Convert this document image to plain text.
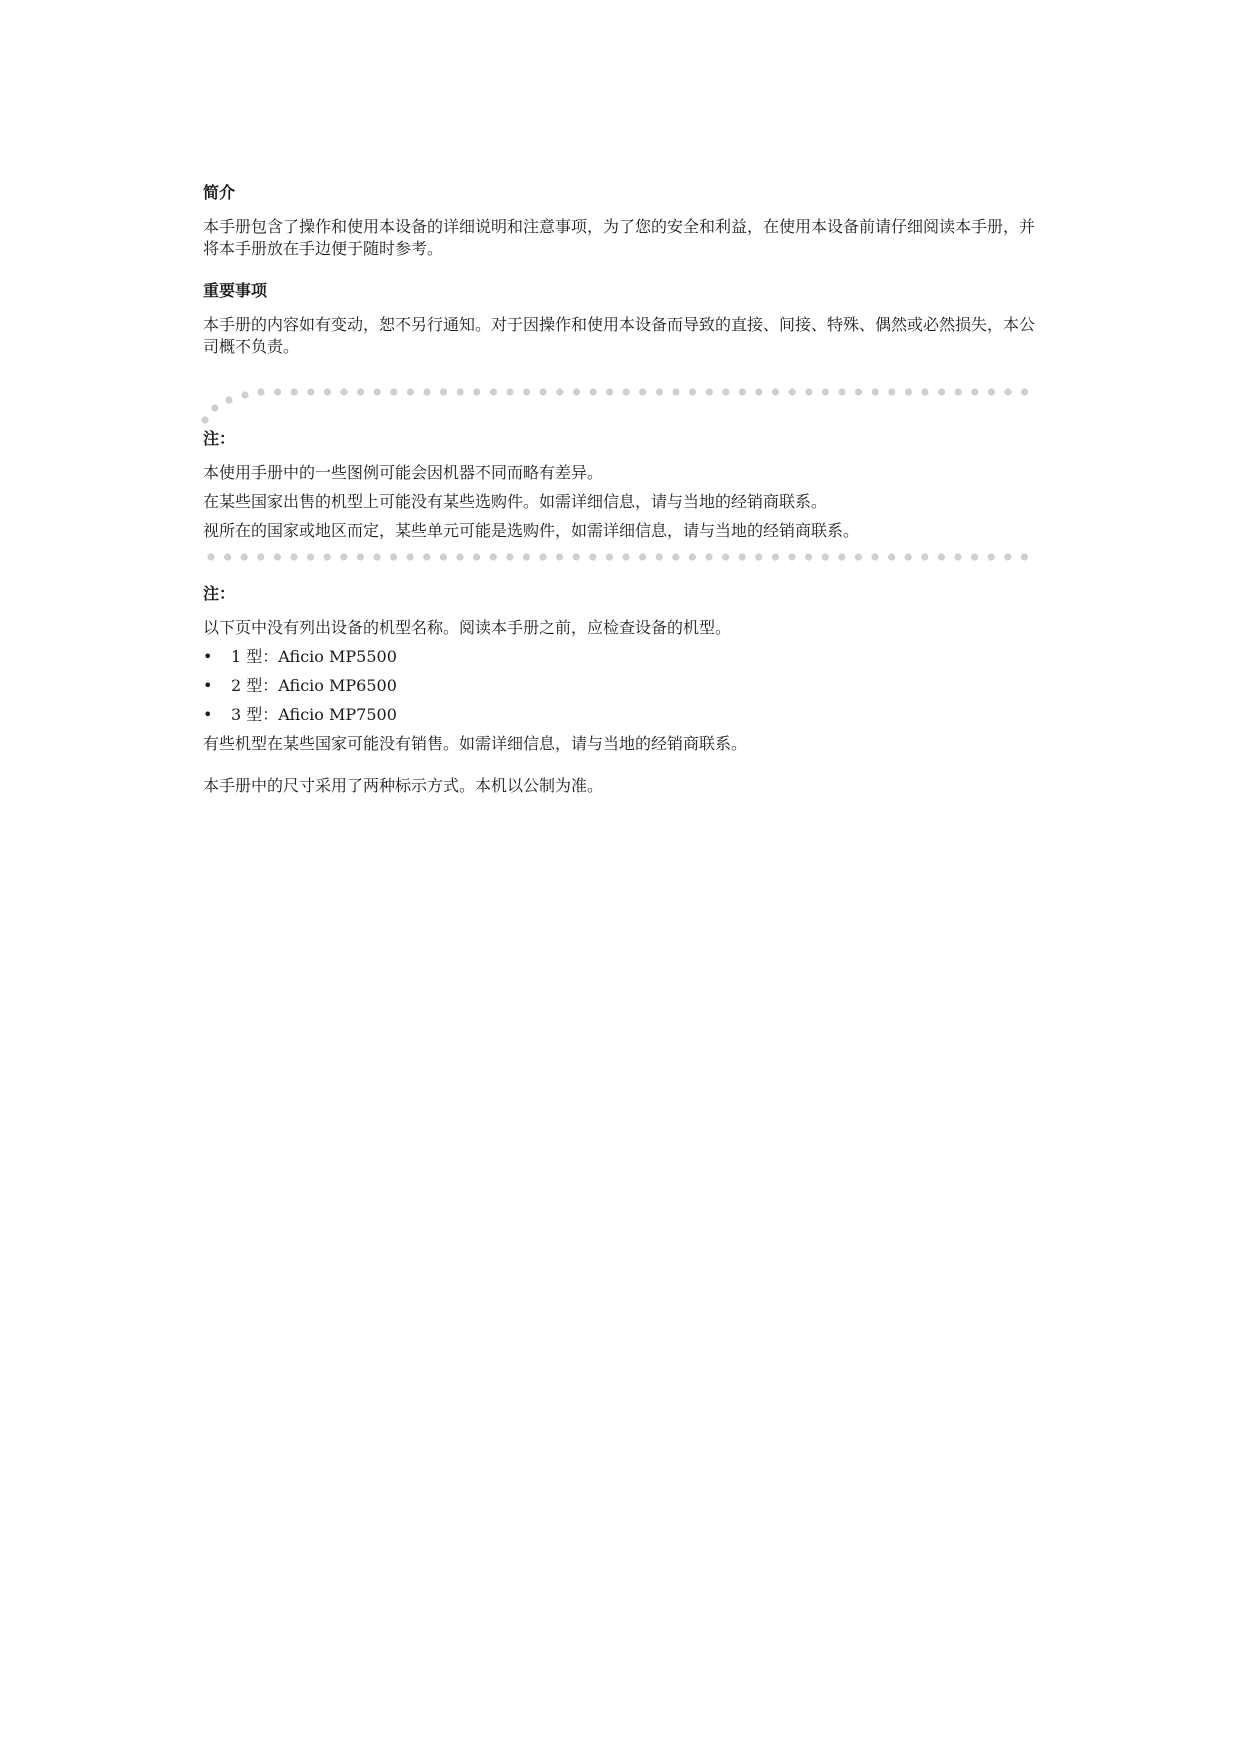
简介

本手册包含了操作和使用本设备的详细说明和注意事项，为了您的安全和利益，在使用本设备前请仔细阅读本手册，并将本手册放在手边便于随时参考。

重要事项

本手册的内容如有变动，恕不另行通知。对于因操作和使用本设备而导致的直接、间接、特殊、偶然或必然损失，本公司概不负责。

注：

本使用手册中的一些图例可能会因机器不同而略有差异。

在某些国家出售的机型上可能没有某些选购件。如需详细信息，请与当地的经销商联系。

视所在的国家或地区而定，某些单元可能是选购件，如需详细信息，请与当地的经销商联系。

注：

以下页中没有列出设备的机型名称。阅读本手册之前，应检查设备的机型。

•	1 型：Aficio MP5500
•	2 型：Aficio MP6500
•	3 型：Aficio MP7500

有些机型在某些国家可能没有销售。如需详细信息，请与当地的经销商联系。

本手册中的尺寸采用了两种标示方式。本机以公制为准。
